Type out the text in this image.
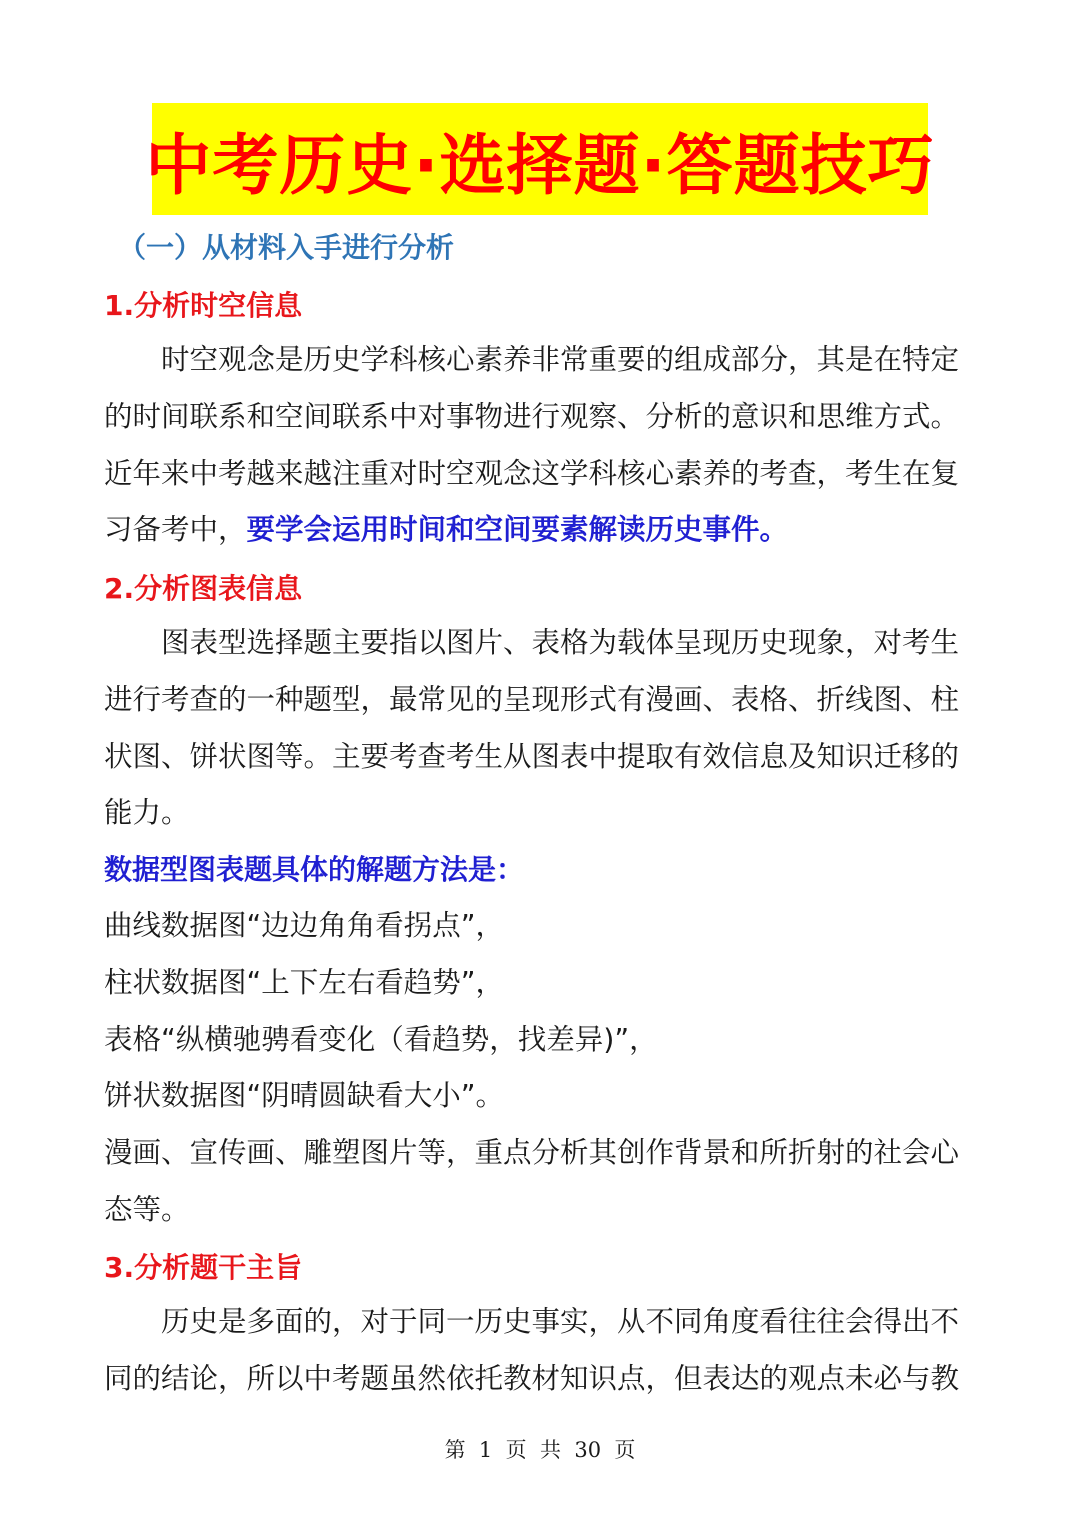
中考历史·选择题·答题技巧
（一）从材料入手进行分析
1.分析时空信息
时空观念是历史学科核心素养非常重要的组成部分，其是在特定
的时间联系和空间联系中对事物进行观察、分析的意识和思维方式。
近年来中考越来越注重对时空观念这学科核心素养的考查，考生在复
习备考中，要学会运用时间和空间要素解读历史事件。
2.分析图表信息
图表型选择题主要指以图片、表格为载体呈现历史现象，对考生
进行考查的一种题型，最常见的呈现形式有漫画、表格、折线图、柱
状图、饼状图等。主要考查考生从图表中提取有效信息及知识迁移的
能力。
数据型图表题具体的解题方法是：
曲线数据图“边边角角看拐点”，
柱状数据图“上下左右看趋势”，
表格“纵横驰骋看变化（看趋势，找差异)”，
饼状数据图“阴晴圆缺看大小”。
漫画、宣传画、雕塑图片等，重点分析其创作背景和所折射的社会心
态等。
3.分析题干主旨
历史是多面的，对于同一历史事实，从不同角度看往往会得出不
同的结论，所以中考题虽然依托教材知识点，但表达的观点未必与教
第  1  页  共  30  页
